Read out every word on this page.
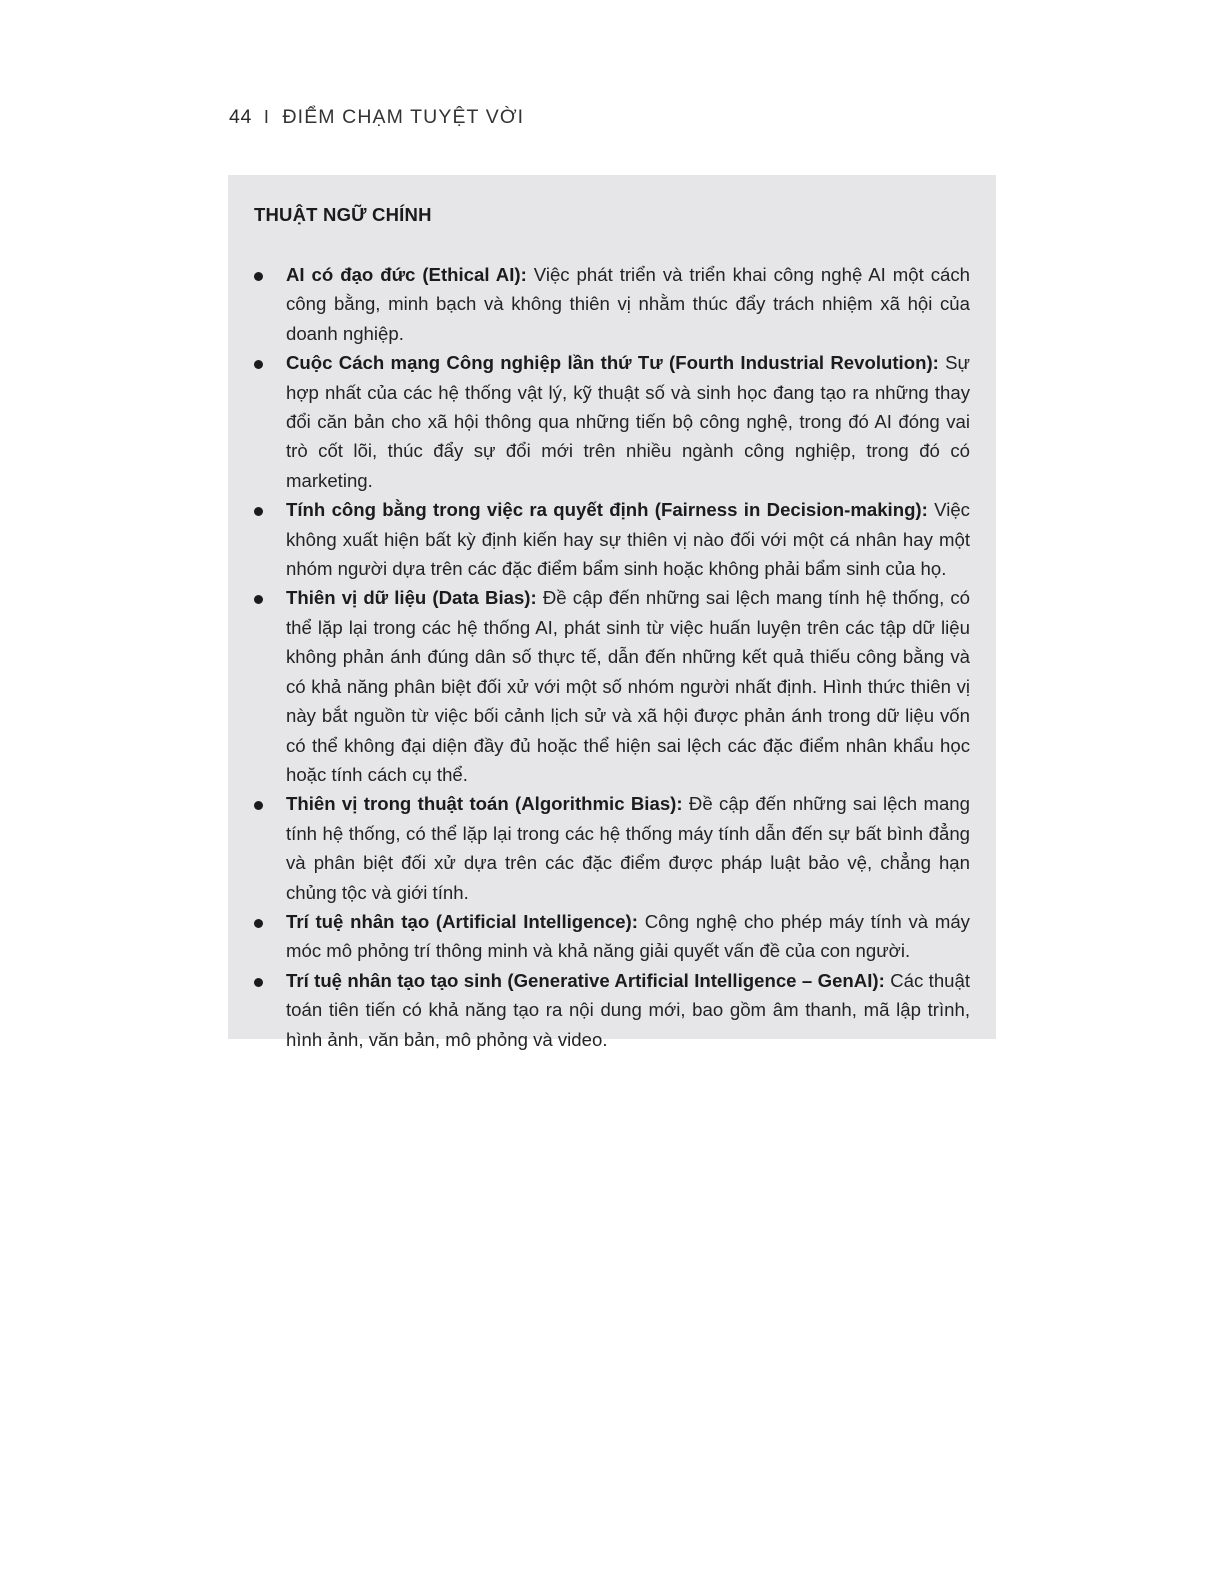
44 I ĐIỂM CHẠM TUYỆT VỜI
THUẬT NGỮ CHÍNH
AI có đạo đức (Ethical AI): Việc phát triển và triển khai công nghệ AI một cách công bằng, minh bạch và không thiên vị nhằm thúc đẩy trách nhiệm xã hội của doanh nghiệp.
Cuộc Cách mạng Công nghiệp lần thứ Tư (Fourth Industrial Revolution): Sự hợp nhất của các hệ thống vật lý, kỹ thuật số và sinh học đang tạo ra những thay đổi căn bản cho xã hội thông qua những tiến bộ công nghệ, trong đó AI đóng vai trò cốt lõi, thúc đẩy sự đổi mới trên nhiều ngành công nghiệp, trong đó có marketing.
Tính công bằng trong việc ra quyết định (Fairness in Decision-making): Việc không xuất hiện bất kỳ định kiến hay sự thiên vị nào đối với một cá nhân hay một nhóm người dựa trên các đặc điểm bẩm sinh hoặc không phải bẩm sinh của họ.
Thiên vị dữ liệu (Data Bias): Đề cập đến những sai lệch mang tính hệ thống, có thể lặp lại trong các hệ thống AI, phát sinh từ việc huấn luyện trên các tập dữ liệu không phản ánh đúng dân số thực tế, dẫn đến những kết quả thiếu công bằng và có khả năng phân biệt đối xử với một số nhóm người nhất định. Hình thức thiên vị này bắt nguồn từ việc bối cảnh lịch sử và xã hội được phản ánh trong dữ liệu vốn có thể không đại diện đầy đủ hoặc thể hiện sai lệch các đặc điểm nhân khẩu học hoặc tính cách cụ thể.
Thiên vị trong thuật toán (Algorithmic Bias): Đề cập đến những sai lệch mang tính hệ thống, có thể lặp lại trong các hệ thống máy tính dẫn đến sự bất bình đẳng và phân biệt đối xử dựa trên các đặc điểm được pháp luật bảo vệ, chẳng hạn chủng tộc và giới tính.
Trí tuệ nhân tạo (Artificial Intelligence): Công nghệ cho phép máy tính và máy móc mô phỏng trí thông minh và khả năng giải quyết vấn đề của con người.
Trí tuệ nhân tạo tạo sinh (Generative Artificial Intelligence – GenAI): Các thuật toán tiên tiến có khả năng tạo ra nội dung mới, bao gồm âm thanh, mã lập trình, hình ảnh, văn bản, mô phỏng và video.
